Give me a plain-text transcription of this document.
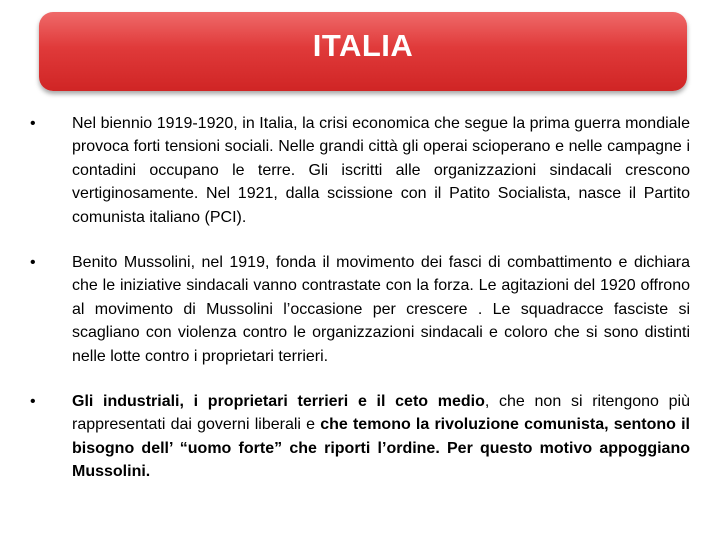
ITALIA
• Nel biennio 1919-1920, in Italia, la crisi economica che segue la prima guerra mondiale provoca forti tensioni sociali. Nelle grandi città gli operai scioperano e nelle campagne i contadini occupano le terre. Gli iscritti alle organizzazioni sindacali crescono vertiginosamente. Nel 1921, dalla scissione con il Patito Socialista, nasce il Partito comunista italiano (PCI).
• Benito Mussolini, nel 1919, fonda il movimento dei fasci di combattimento e dichiara che le iniziative sindacali vanno contrastate con la forza. Le agitazioni del 1920 offrono al movimento di Mussolini l’occasione per crescere . Le squadracce fasciste si scagliano con violenza contro le organizzazioni sindacali e coloro che si sono distinti nelle lotte contro i proprietari terrieri.
• Gli industriali, i proprietari terrieri e il ceto medio, che non si ritengono più rappresentati dai governi liberali e che temono la rivoluzione comunista, sentono il bisogno dell’ “uomo forte” che riporti l’ordine. Per questo motivo appoggiano Mussolini.
